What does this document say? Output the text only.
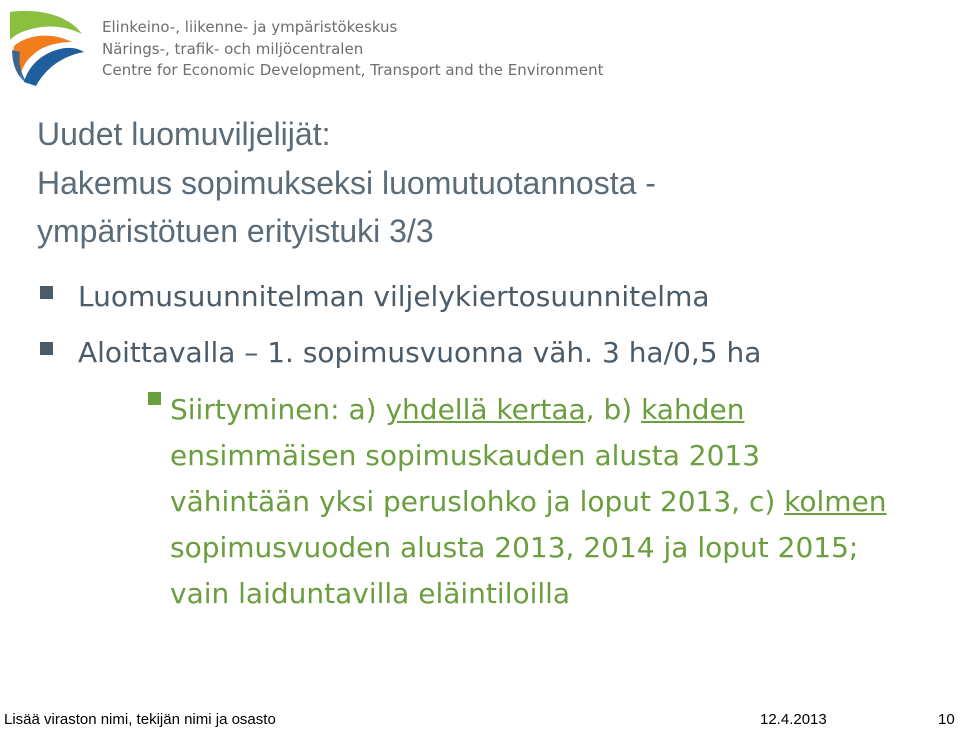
Elinkeino-, liikenne- ja ympäristökeskus
Närings-, trafik- och miljöcentralen
Centre for Economic Development, Transport and the Environment
Uudet luomuviljelijät:
Hakemus sopimukseksi luomutuotannosta -
ympäristötuen erityistuki 3/3
Luomusuunnitelman viljelykiertosuunnitelma
Aloittavalla – 1. sopimusvuonna väh. 3 ha/0,5 ha
Siirtyminen: a) yhdellä kertaa, b) kahden
ensimmäisen sopimuskauden alusta 2013
vähintään yksi peruslohko ja loput 2013, c) kolmen
sopimusvuoden alusta 2013, 2014 ja loput 2015;
vain laiduntavilla eläintiloilla
Lisää viraston nimi, tekijän nimi ja osasto	12.4.2013	10
